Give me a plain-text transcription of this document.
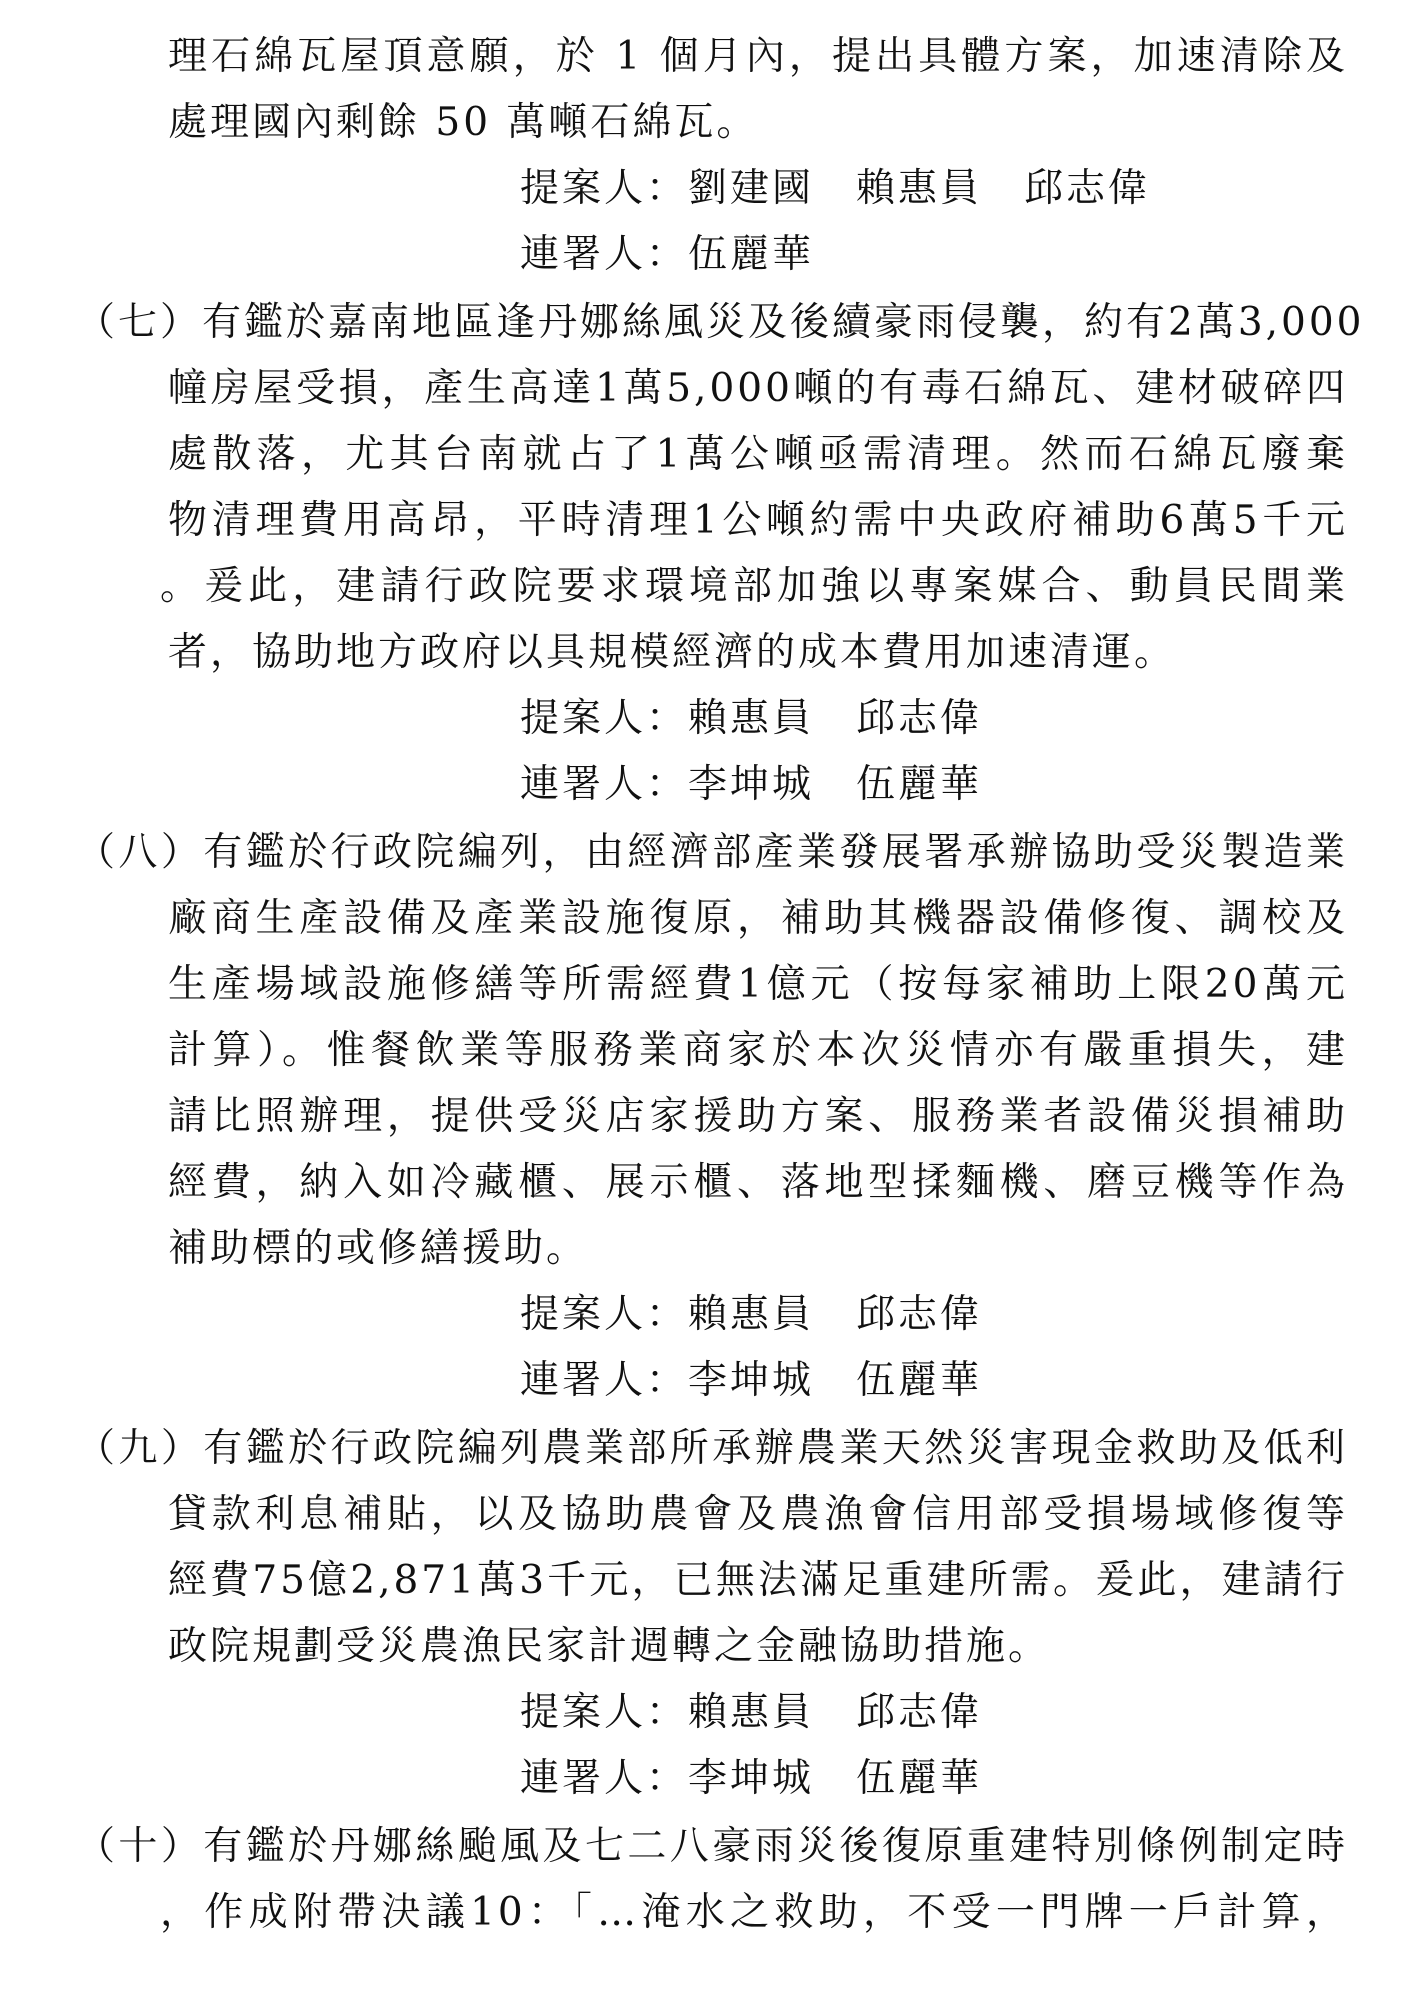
理石綿瓦屋頂意願，於 1 個月內，提出具體方案，加速清除及
處理國內剩餘 50 萬噸石綿瓦。
提案人：劉建國　賴惠員　邱志偉
連署人：伍麗華
（七）有鑑於嘉南地區逢丹娜絲風災及後續豪雨侵襲，約有2萬3,000
幢房屋受損，產生高達1萬5,000噸的有毒石綿瓦、建材破碎四
處散落，尤其台南就占了1萬公噸亟需清理。然而石綿瓦廢棄
物清理費用高昂，平時清理1公噸約需中央政府補助6萬5千元
。爰此，建請行政院要求環境部加強以專案媒合、動員民間業
者，協助地方政府以具規模經濟的成本費用加速清運。
提案人：賴惠員　邱志偉
連署人：李坤城　伍麗華
（八）有鑑於行政院編列，由經濟部產業發展署承辦協助受災製造業
廠商生產設備及產業設施復原，補助其機器設備修復、調校及
生產場域設施修繕等所需經費1億元（按每家補助上限20萬元
計算）。惟餐飲業等服務業商家於本次災情亦有嚴重損失，建
請比照辦理，提供受災店家援助方案、服務業者設備災損補助
經費，納入如冷藏櫃、展示櫃、落地型揉麵機、磨豆機等作為
補助標的或修繕援助。
提案人：賴惠員　邱志偉
連署人：李坤城　伍麗華
（九）有鑑於行政院編列農業部所承辦農業天然災害現金救助及低利
貸款利息補貼，以及協助農會及農漁會信用部受損場域修復等
經費75億2,871萬3千元，已無法滿足重建所需。爰此，建請行
政院規劃受災農漁民家計週轉之金融協助措施。
提案人：賴惠員　邱志偉
連署人：李坤城　伍麗華
（十）有鑑於丹娜絲颱風及七二八豪雨災後復原重建特別條例制定時
，作成附帶決議10：「…淹水之救助，不受一門牌一戶計算，
